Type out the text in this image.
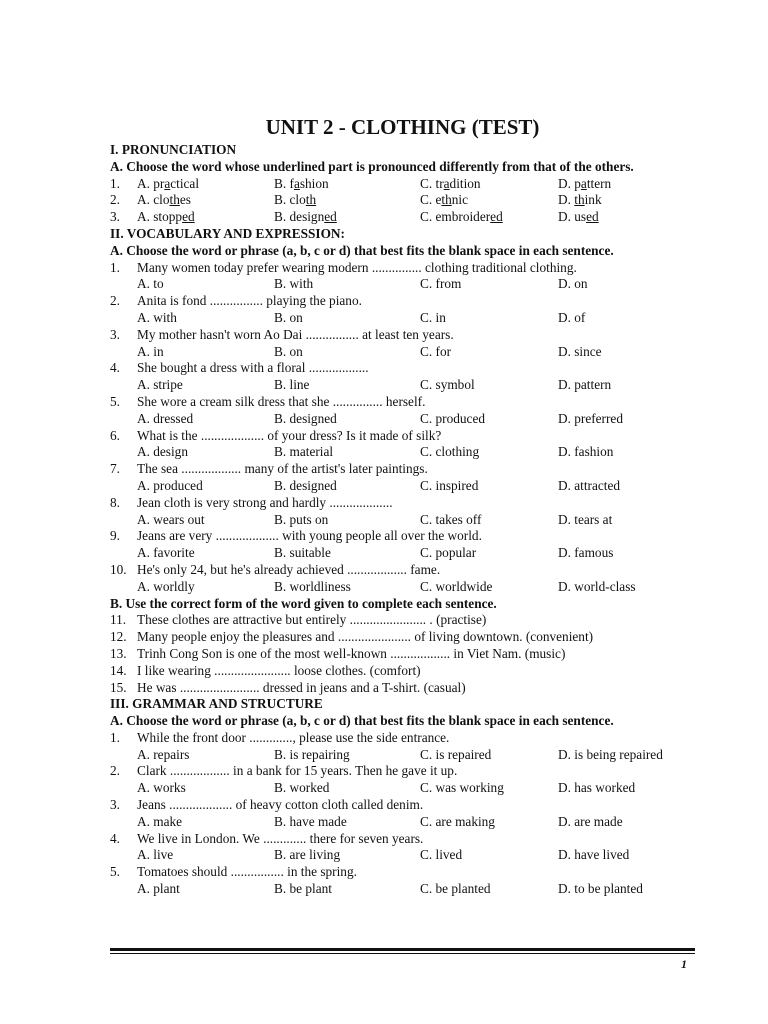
UNIT 2 - CLOTHING (TEST)
I. PRONUNCIATION
A. Choose the word whose underlined part is pronounced differently from that of the others.
1. A. practical	B. fashion	C. tradition	D. pattern
2. A. clothes	B. cloth	C. ethnic	D. think
3. A. stopped	B. designed	C. embroidered	D. used
II. VOCABULARY AND EXPRESSION:
A. Choose the word or phrase (a, b, c or d) that best fits the blank space in each sentence.
1. Many women today prefer wearing modern ............... clothing traditional clothing.
A. to	B. with	C. from	D. on
2. Anita is fond ................ playing the piano.
A. with	B. on	C. in	D. of
3. My mother hasn't worn Ao Dai ................ at least ten years.
A. in	B. on	C. for	D. since
4. She bought a dress with a floral ..................
A. stripe	B. line	C. symbol	D. pattern
5. She wore a cream silk dress that she ............... herself.
A. dressed	B. designed	C. produced	D. preferred
6. What is the ................... of your dress? Is it made of silk?
A. design	B. material	C. clothing	D. fashion
7. The sea .................. many of the artist's later paintings.
A. produced	B. designed	C. inspired	D. attracted
8. Jean cloth is very strong and hardly ...................
A. wears out	B. puts on	C. takes off	D. tears at
9. Jeans are very ................... with young people all over the world.
A. favorite	B. suitable	C. popular	D. famous
10. He's only 24, but he's already achieved .................. fame.
A. worldly	B. worldliness	C. worldwide	D. world-class
B. Use the correct form of the word given to complete each sentence.
11. These clothes are attractive but entirely ....................... . (practise)
12. Many people enjoy the pleasures and ...................... of living downtown. (convenient)
13. Trinh Cong Son is one of the most well-known .................. in Viet Nam. (music)
14. I like wearing ....................... loose clothes. (comfort)
15. He was ........................ dressed in jeans and a T-shirt. (casual)
III. GRAMMAR AND STRUCTURE
A. Choose the word or phrase (a, b, c or d) that best fits the blank space in each sentence.
1. While the front door ............., please use the side entrance.
A. repairs	B. is repairing	C. is repaired	D. is being repaired
2. Clark .................. in a bank for 15 years. Then he gave it up.
A. works	B. worked	C. was working	D. has worked
3. Jeans ................... of heavy cotton cloth called denim.
A. make	B. have made	C. are making	D. are made
4. We live in London. We ............. there for seven years.
A. live	B. are living	C. lived	D. have lived
5. Tomatoes should ................ in the spring.
A. plant	B. be plant	C. be planted	D. to be planted
1
